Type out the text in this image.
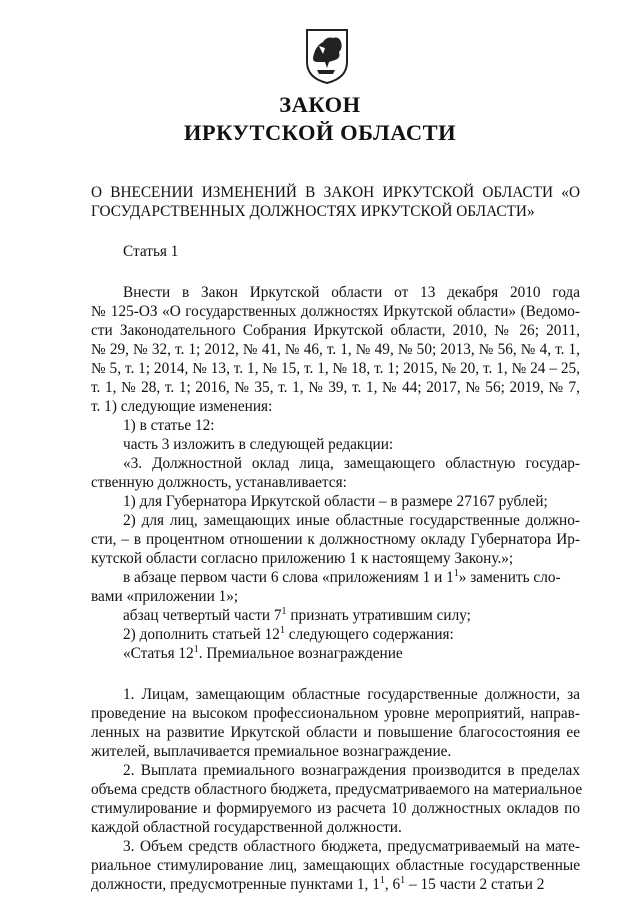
ЗАКОН
ИРКУТСКОЙ ОБЛАСТИ
О ВНЕСЕНИИ ИЗМЕНЕНИЙ В ЗАКОН ИРКУТСКОЙ ОБЛАСТИ «О
ГОСУДАРСТВЕННЫХ ДОЛЖНОСТЯХ ИРКУТСКОЙ ОБЛАСТИ»
Статья 1
Внести в Закон Иркутской области от 13 декабря 2010 года
№ 125-ОЗ «О государственных должностях Иркутской области» (Ведомо-
сти Законодательного Собрания Иркутской области, 2010, № 26; 2011,
№ 29, № 32, т. 1; 2012, № 41, № 46, т. 1, № 49, № 50; 2013, № 56, № 4, т. 1,
№ 5, т. 1; 2014, № 13, т. 1, № 15, т. 1, № 18, т. 1; 2015, № 20, т. 1, № 24 – 25,
т. 1, № 28, т. 1; 2016, № 35, т. 1, № 39, т. 1, № 44; 2017, № 56; 2019, № 7,
т. 1) следующие изменения:
1) в статье 12:
часть 3 изложить в следующей редакции:
«3. Должностной оклад лица, замещающего областную государ-
ственную должность, устанавливается:
1) для Губернатора Иркутской области – в размере 27167 рублей;
2) для лиц, замещающих иные областные государственные должно-
сти, – в процентном отношении к должностному окладу Губернатора Ир-
кутской области согласно приложению 1 к настоящему Закону.»;
в абзаце первом части 6 слова «приложениям 1 и $1^1$» заменить сло-
вами «приложении 1»;
абзац четвертый части $7^1$ признать утратившим силу;
2) дополнить статьей $12^1$ следующего содержания:
«Статья $12^1$. Премиальное вознаграждение
1. Лицам, замещающим областные государственные должности, за
проведение на высоком профессиональном уровне мероприятий, направ-
ленных на развитие Иркутской области и повышение благосостояния ее
жителей, выплачивается премиальное вознаграждение.
2. Выплата премиального вознаграждения производится в пределах
объема средств областного бюджета, предусматриваемого на материальное
стимулирование и формируемого из расчета 10 должностных окладов по
каждой областной государственной должности.
3. Объем средств областного бюджета, предусматриваемый на мате-
риальное стимулирование лиц, замещающих областные государственные
должности, предусмотренные пунктами 1, $1^1$, $6^1 - 15$ части 2 статьи 2
